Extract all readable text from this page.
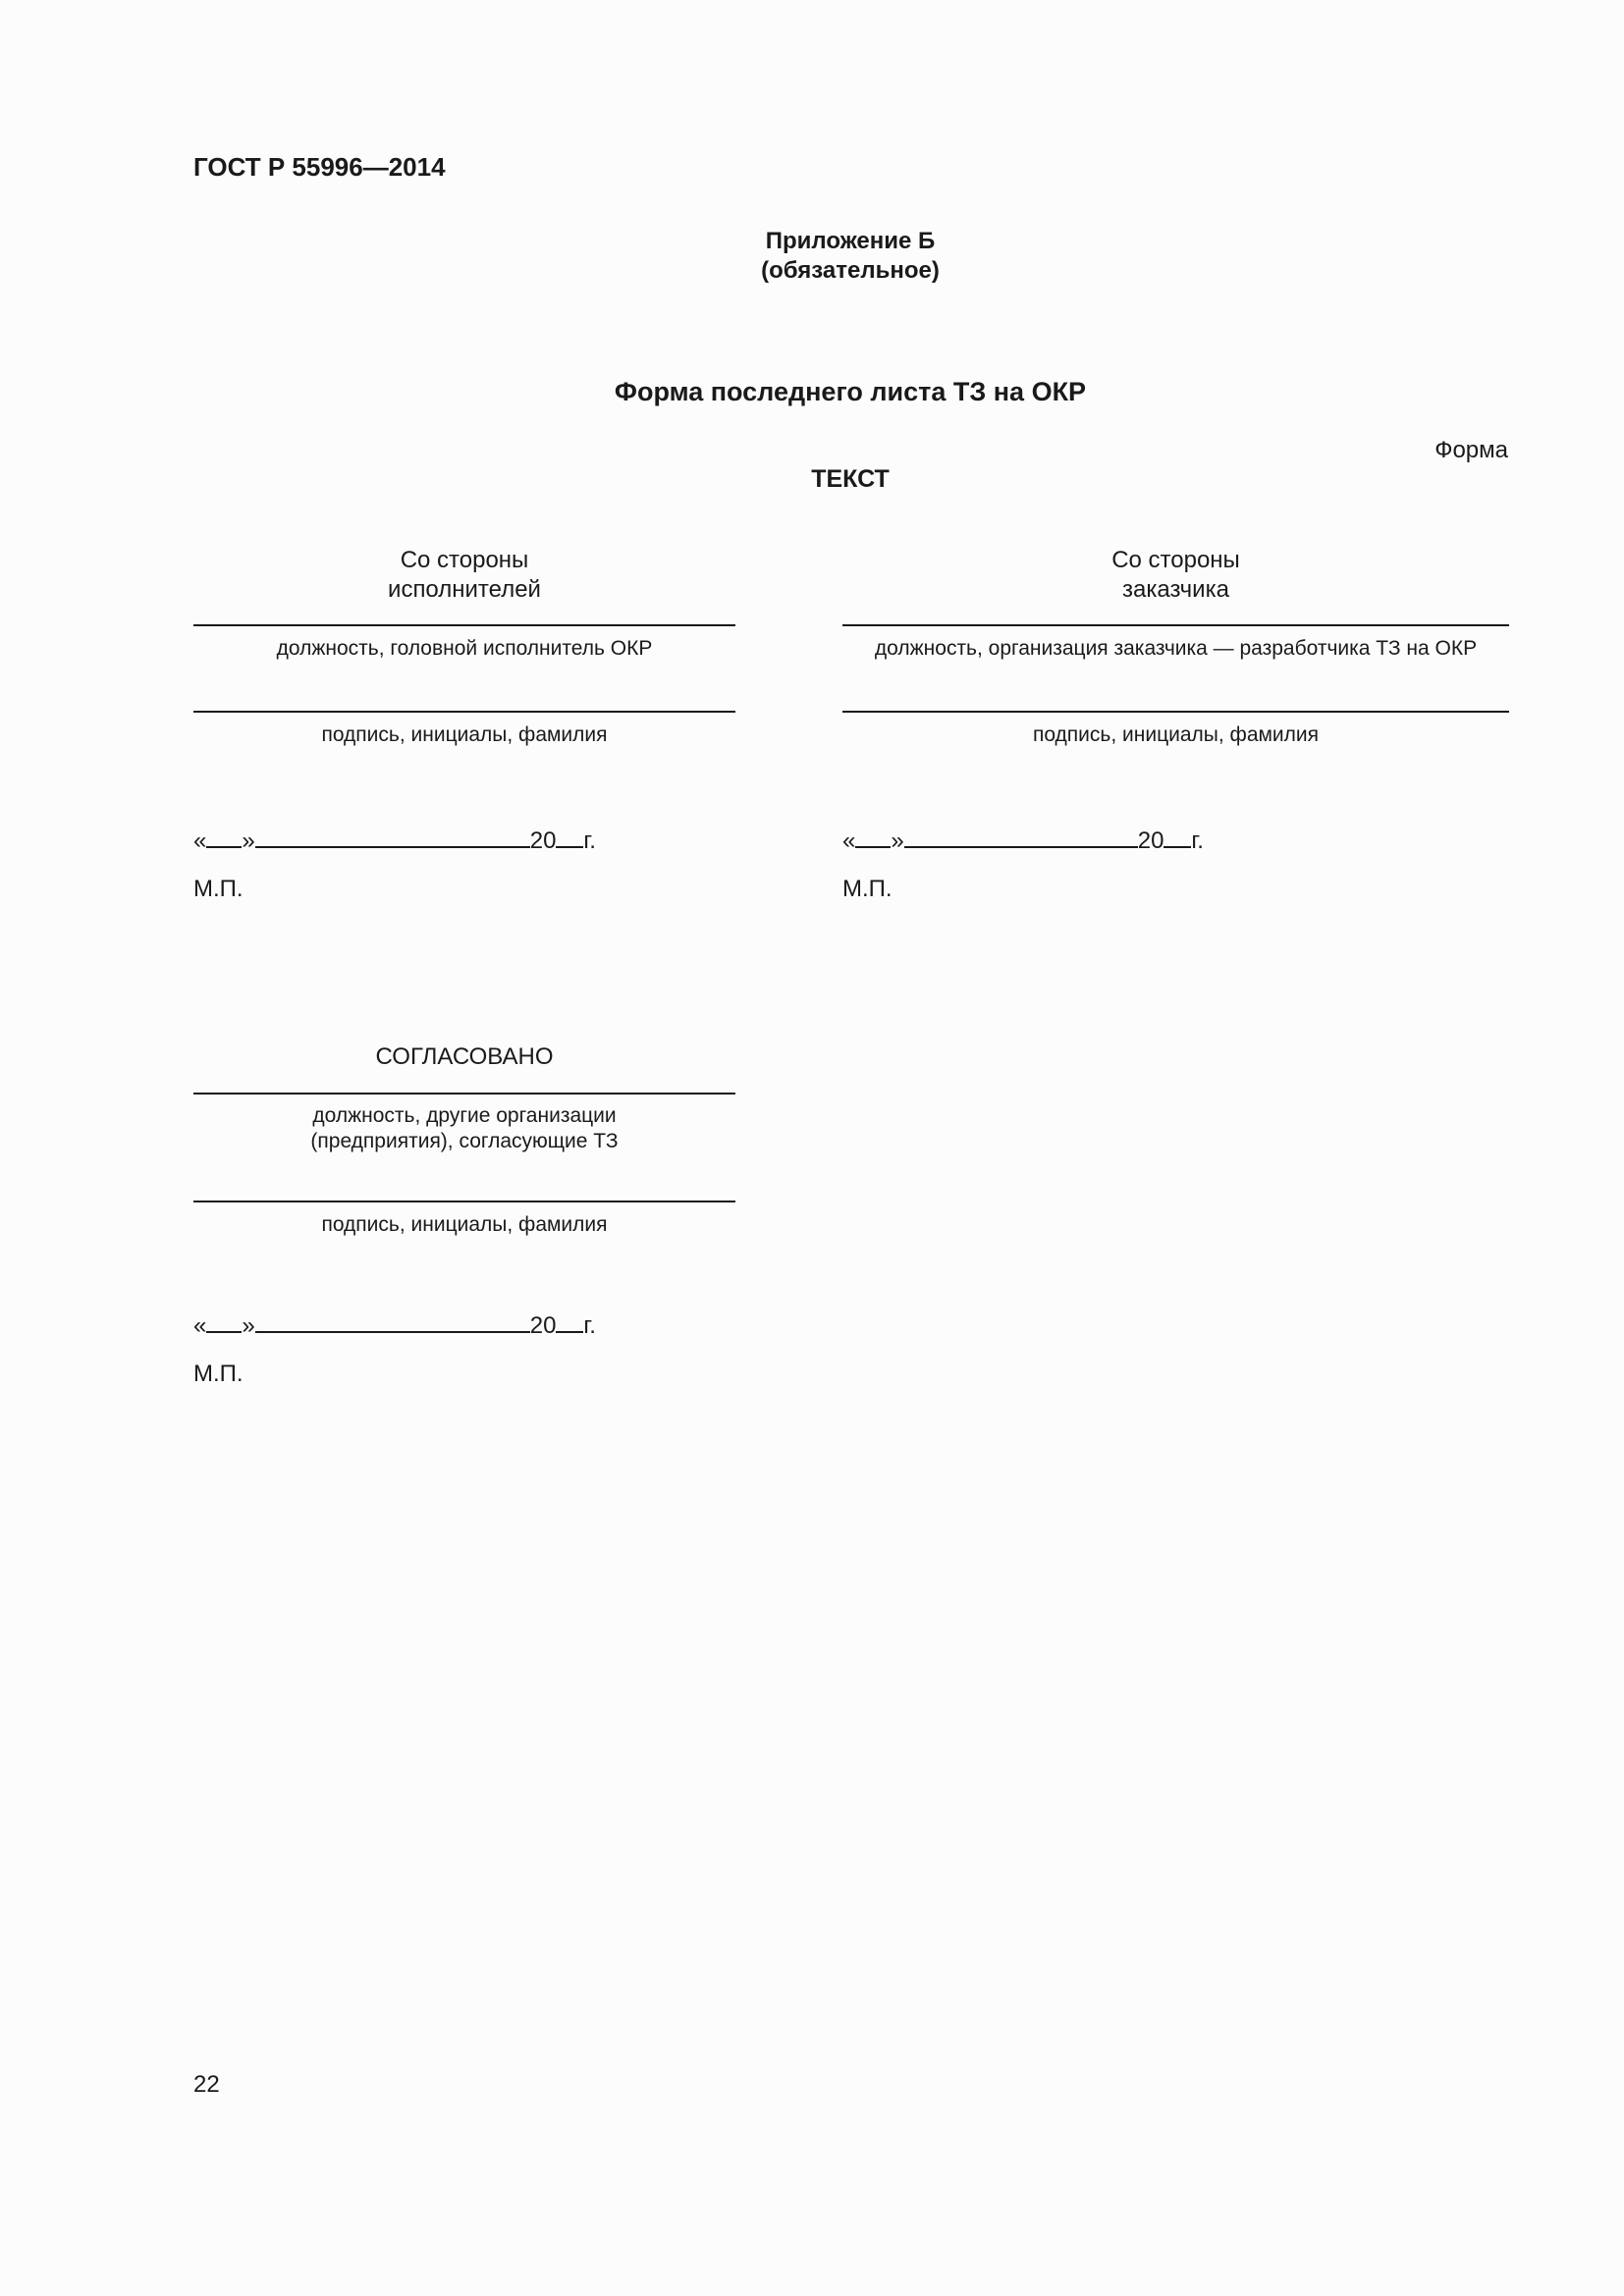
ГОСТ Р 55996—2014
Приложение Б
(обязательное)
Форма последнего листа ТЗ на ОКР
Форма
ТЕКСТ
Со стороны
исполнителей
должность, головной исполнитель ОКР
подпись, инициалы, фамилия
« »	20 г.
М.П.
Со стороны
заказчика
должность, организация заказчика — разработчика ТЗ на ОКР
подпись, инициалы, фамилия
« »	20 г.
М.П.
СОГЛАСОВАНО
должность, другие организации
(предприятия), согласующие ТЗ
подпись, инициалы, фамилия
« »	20 г.
М.П.
22
